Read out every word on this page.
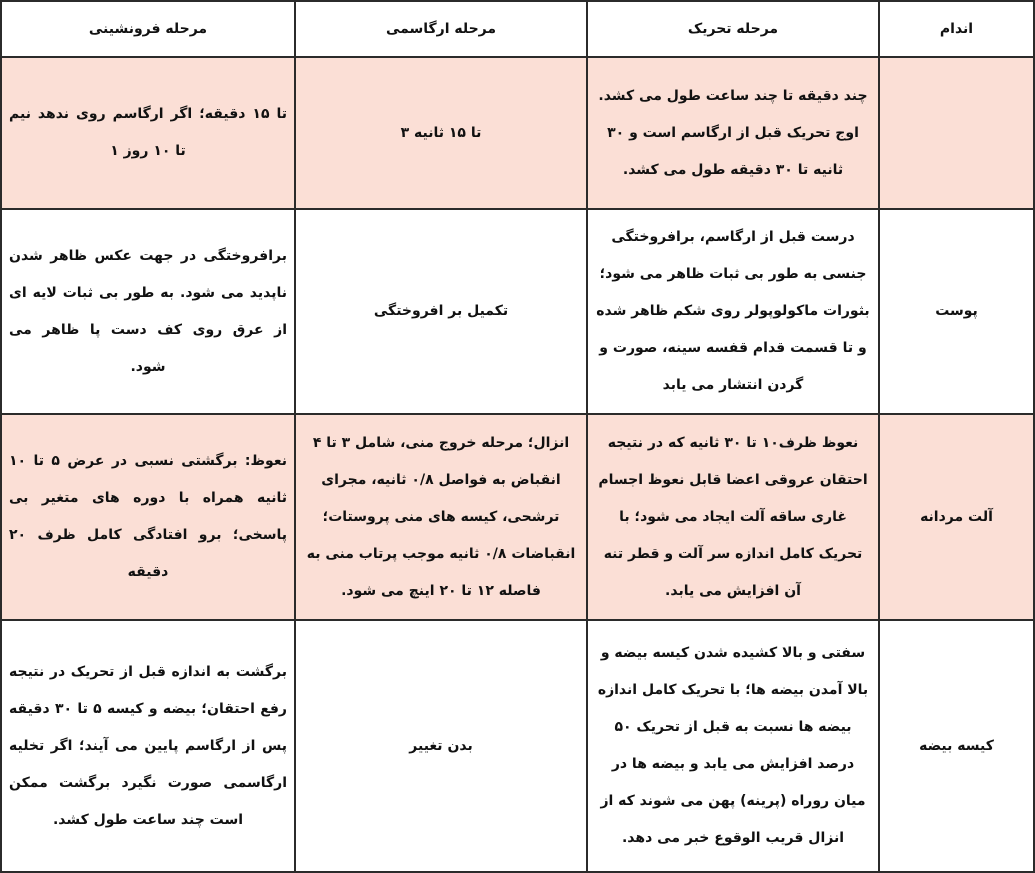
اندام	مرحله تحریک	مرحله ارگاسمی	مرحله فرونشینی
	چند دقیقه تا چند ساعت طول می کشد. اوج تحریک قبل از ارگاسم است و ۳۰ ثانیه تا ۳۰ دقیقه طول می کشد.	تا ۱۵ ثانیه ۳	تا ۱۵ دقیقه؛ اگر ارگاسم روی ندهد نیم تا ۱۰ روز ۱
پوست	درست قبل از ارگاسم، برافروختگی جنسی به طور بی ثبات ظاهر می شود؛ بثورات ماکولوپولر روی شکم ظاهر شده و تا قسمت قدام قفسه سینه، صورت و گردن انتشار می یابد	تکمیل بر افروختگی	برافروختگی در جهت عکس ظاهر شدن ناپدید می شود. به طور بی ثبات لایه ای از عرق روی کف دست پا ظاهر می شود.
آلت مردانه	نعوظ ظرف۱۰ تا ۳۰ ثانیه که در نتیجه احتقان عروقی اعضا قابل نعوظ اجسام غاری ساقه آلت ایجاد می شود؛ با تحریک کامل اندازه سر آلت و قطر تنه آن افزایش می یابد.	انزال؛ مرحله خروج منی، شامل ۳ تا ۴ انقباض به فواصل ۰/۸ ثانیه، مجرای ترشحی، کیسه های منی پروستات؛ انقباضات ۰/۸ ثانیه موجب پرتاب منی به فاصله ۱۲ تا ۲۰ اینچ می شود.	نعوظ: برگشتی نسبی در عرض ۵ تا ۱۰ ثانیه همراه با دوره های متغیر بی پاسخی؛ برو افتادگی کامل ظرف ۲۰ دقیقه
کیسه بیضه	سفتی و بالا کشیده شدن کیسه بیضه و بالا آمدن بیضه ها؛ با تحریک کامل اندازه بیضه ها نسبت به قبل از تحریک ۵۰ درصد افزایش می یابد و بیضه ها در میان روراه (پرینه) پهن می شوند که از انزال قریب الوقوع خبر می دهد.	بدن تغییر	برگشت به اندازه قبل از تحریک در نتیجه رفع احتقان؛ بیضه و کیسه ۵ تا ۳۰ دقیقه پس از ارگاسم پایین می آیند؛ اگر تخلیه ارگاسمی صورت نگیرد برگشت ممکن است چند ساعت طول کشد.
